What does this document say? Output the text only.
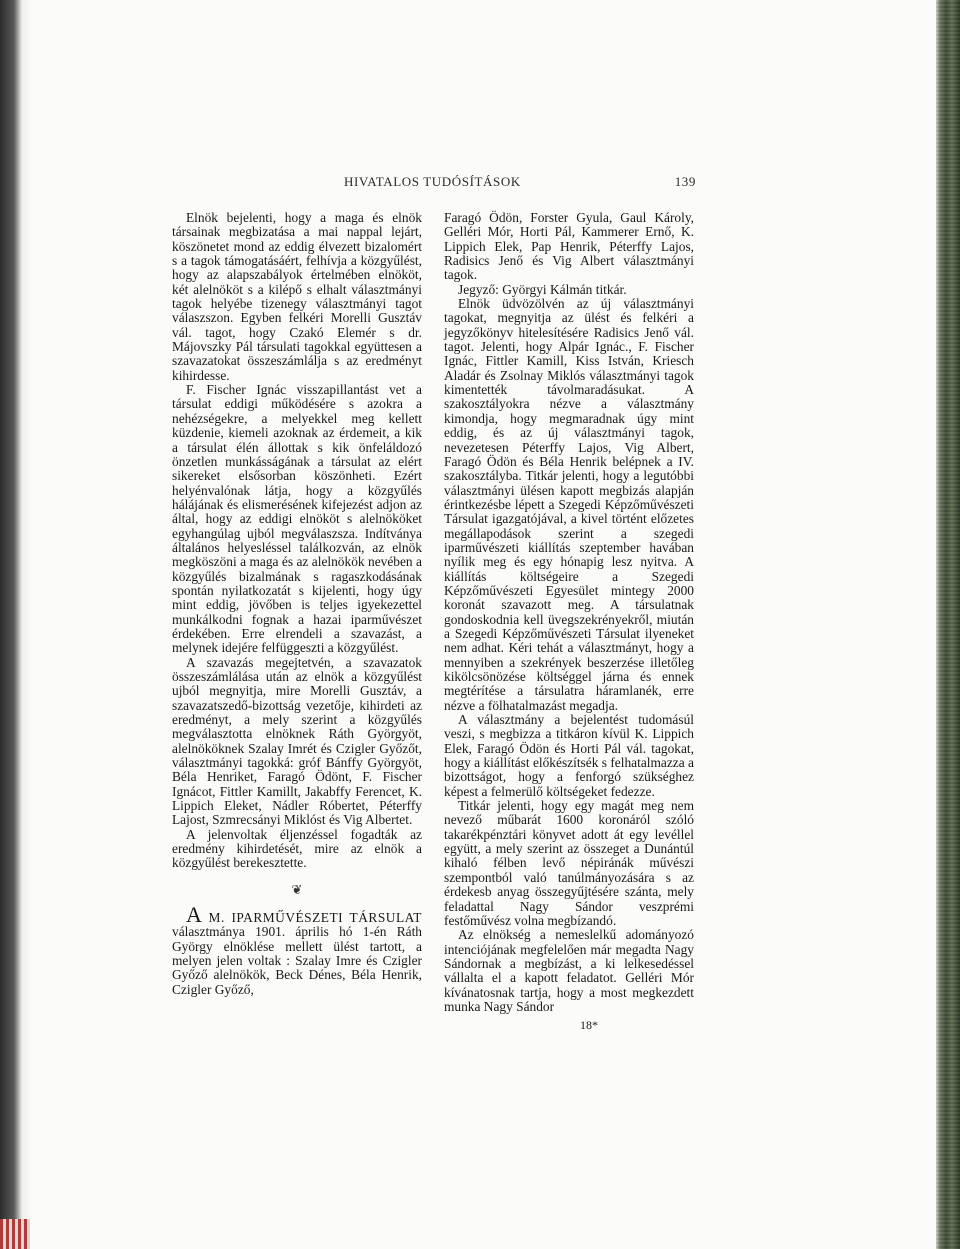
HIVATALOS TUDÓSÍTÁSOK	139

Elnök bejelenti, hogy a maga és elnök társainak megbizatása a mai nappal lejárt, köszönetet mond az eddig élvezett bizalomért s a tagok támogatásáért, felhívja a közgyűlést, hogy az alapszabályok értelmében elnököt, két alelnököt s a kilépő s elhalt választmányi tagok helyébe tizenegy választmányi tagot válaszszon. Egyben felkéri Morelli Gusztáv vál. tagot, hogy Czakó Elemér s dr. Májovszky Pál társulati tagokkal együttesen a szavazatokat összeszámlálja s az eredményt kihirdesse.

F. Fischer Ignác visszapillantást vet a társulat eddigi működésére s azokra a nehézségekre, a melyekkel meg kellett küzdenie, kiemeli azoknak az érdemeit, a kik a társulat élén állottak s kik önfeláldozó önzetlen munkásságának a társulat az elért sikereket elsősorban köszönheti. Ezért helyénvalónak látja, hogy a közgyűlés hálájának és elismerésének kifejezést adjon az által, hogy az eddigi elnököt s alelnököket egyhangúlag ujból megválaszsza. Indítványa általános helyesléssel találkozván, az elnök megköszöni a maga és az alelnökök nevében a közgyűlés bizalmának s ragaszkodásának spontán nyilatkozatát s kijelenti, hogy úgy mint eddig, jövőben is teljes igyekezettel munkálkodni fognak a hazai iparművészet érdekében. Erre elrendeli a szavazást, a melynek idejére felfüggeszti a közgyűlést.

A szavazás megejtetvén, a szavazatok összeszámlálása után az elnök a közgyűlést ujból megnyitja, mire Morelli Gusztáv, a szavazatszedő-bizottság vezetője, kihirdeti az eredményt, a mely szerint a közgyűlés megválasztotta elnöknek Ráth Györgyöt, alelnököknek Szalay Imrét és Czigler Győzőt, választmányi tagokká: gróf Bánffy Györgyöt, Béla Henriket, Faragó Ödönt, F. Fischer Ignácot, Fittler Kamillt, Jakabffy Ferencet, K. Lippich Eleket, Nádler Róbertet, Péterffy Lajost, Szmrecsányi Miklóst és Vig Albertet.

A jelenvoltak éljenzéssel fogadták az eredmény kihirdetését, mire az elnök a közgyűlést berekesztette.

❦

A M. IPARMŰVÉSZETI TÁRSULAT választmánya 1901. április hó 1-én Ráth György elnöklése mellett ülést tartott, a melyen jelen voltak : Szalay Imre és Czigler Győző alelnökök, Beck Dénes, Béla Henrik, Czigler Győző,

Faragó Ödön, Forster Gyula, Gaul Károly, Gelléri Mór, Horti Pál, Kammerer Ernő, K. Lippich Elek, Pap Henrik, Péterffy Lajos, Radisics Jenő és Vig Albert választmányi tagok.

Jegyző: Györgyi Kálmán titkár.

Elnök üdvözölvén az új választmányi tagokat, megnyitja az ülést és felkéri a jegyzőkönyv hitelesítésére Radisics Jenő vál. tagot. Jelenti, hogy Alpár Ignác., F. Fischer Ignác, Fittler Kamill, Kiss István, Kriesch Aladár és Zsolnay Miklós választmányi tagok kimentették távolmaradásukat. A szakosztályokra nézve a választmány kimondja, hogy megmaradnak úgy mint eddig, és az új választmányi tagok, nevezetesen Péterffy Lajos, Vig Albert, Faragó Ödön és Béla Henrik belépnek a IV. szakosztályba. Titkár jelenti, hogy a legutóbbi választmányi ülésen kapott megbizás alapján érintkezésbe lépett a Szegedi Képzőművészeti Társulat igazgatójával, a kivel történt előzetes megállapodások szerint a szegedi iparművészeti kiállítás szeptember havában nyílik meg és egy hónapig lesz nyitva. A kiállítás költségeire a Szegedi Képzőművészeti Egyesület mintegy 2000 koronát szavazott meg. A társulatnak gondoskodnia kell üvegszekrényekről, miután a Szegedi Képzőművészeti Társulat ilyeneket nem adhat. Kéri tehát a választmányt, hogy a mennyiben a szekrények beszerzése illetőleg kikölcsönözése költséggel járna és ennek megtérítése a társulatra háramlanék, erre nézve a fölhatalmazást megadja.

A választmány a bejelentést tudomásúl veszi, s megbizza a titkáron kívül K. Lippich Elek, Faragó Ödön és Horti Pál vál. tagokat, hogy a kiállítást előkészítsék s felhatalmazza a bizottságot, hogy a fenforgó szükséghez képest a felmerülő költségeket fedezze.

Titkár jelenti, hogy egy magát meg nem nevező műbarát 1600 koronáról szóló takarékpénztári könyvet adott át egy levéllel együtt, a mely szerint az összeget a Dunántúl kihaló félben levő népiránák művészi szempontból való tanúlmányozására s az érdekesb anyag összegyűjtésére szánta, mely feladattal Nagy Sándor veszprémi festőművész volna megbízandó.

Az elnökség a nemeslelkű adományozó intenciójának megfelelően már megadta Nagy Sándornak a megbízást, a ki lelkesedéssel vállalta el a kapott feladatot. Gelléri Mór kívánatosnak tartja, hogy a most megkezdett munka Nagy Sándor

18*
